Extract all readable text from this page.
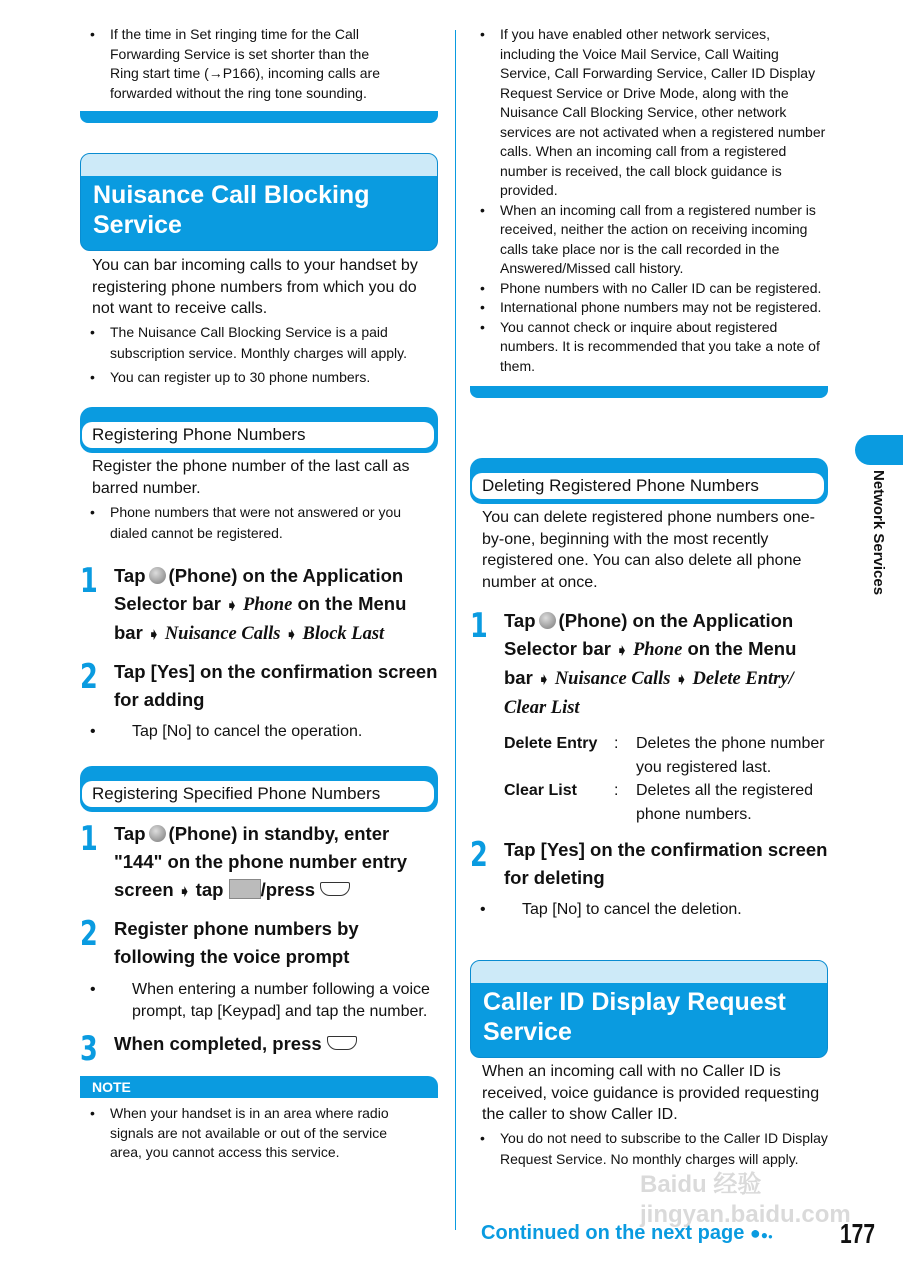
• If the time in Set ringing time for the Call Forwarding Service is set shorter than the Ring start time (→P166), incoming calls are forwarded without the ring tone sounding.
Nuisance Call Blocking Service
You can bar incoming calls to your handset by registering phone numbers from which you do not want to receive calls.
• The Nuisance Call Blocking Service is a paid subscription service. Monthly charges will apply.
• You can register up to 30 phone numbers.
Registering Phone Numbers
Register the phone number of the last call as barred number.
• Phone numbers that were not answered or you dialed cannot be registered.
1 Tap (Phone) on the Application Selector bar ➧ Phone on the Menu bar ➧ Nuisance Calls ➧ Block Last
2 Tap [Yes] on the confirmation screen for adding
• Tap [No] to cancel the operation.
Registering Specified Phone Numbers
1 Tap (Phone) in standby, enter "144" on the phone number entry screen ➧ tap /press
2 Register phone numbers by following the voice prompt
• When entering a number following a voice prompt, tap [Keypad] and tap the number.
3 When completed, press
NOTE
• When your handset is in an area where radio signals are not available or out of the service area, you cannot access this service.
• If you have enabled other network services, including the Voice Mail Service, Call Waiting Service, Call Forwarding Service, Caller ID Display Request Service or Drive Mode, along with the Nuisance Call Blocking Service, other network services are not activated when a registered number calls. When an incoming call from a registered number is received, the call block guidance is provided.
• When an incoming call from a registered number is received, neither the action on receiving incoming calls take place nor is the call recorded in the Answered/Missed call history.
• Phone numbers with no Caller ID can be registered.
• International phone numbers may not be registered.
• You cannot check or inquire about registered numbers. It is recommended that you take a note of them.
Deleting Registered Phone Numbers
You can delete registered phone numbers one-by-one, beginning with the most recently registered one. You can also delete all phone number at once.
1 Tap (Phone) on the Application Selector bar ➧ Phone on the Menu bar ➧ Nuisance Calls ➧ Delete Entry/ Clear List
Delete Entry	:	Deletes the phone number you registered last.
Clear List	:	Deletes all the registered phone numbers.
2 Tap [Yes] on the confirmation screen for deleting
• Tap [No] to cancel the deletion.
Caller ID Display Request Service
When an incoming call with no Caller ID is received, voice guidance is provided requesting the caller to show Caller ID.
• You do not need to subscribe to the Caller ID Display Request Service. No monthly charges will apply.
Network Services
Continued on the next page ●●● 177
Baidu 经验 jingyan.baidu.com
